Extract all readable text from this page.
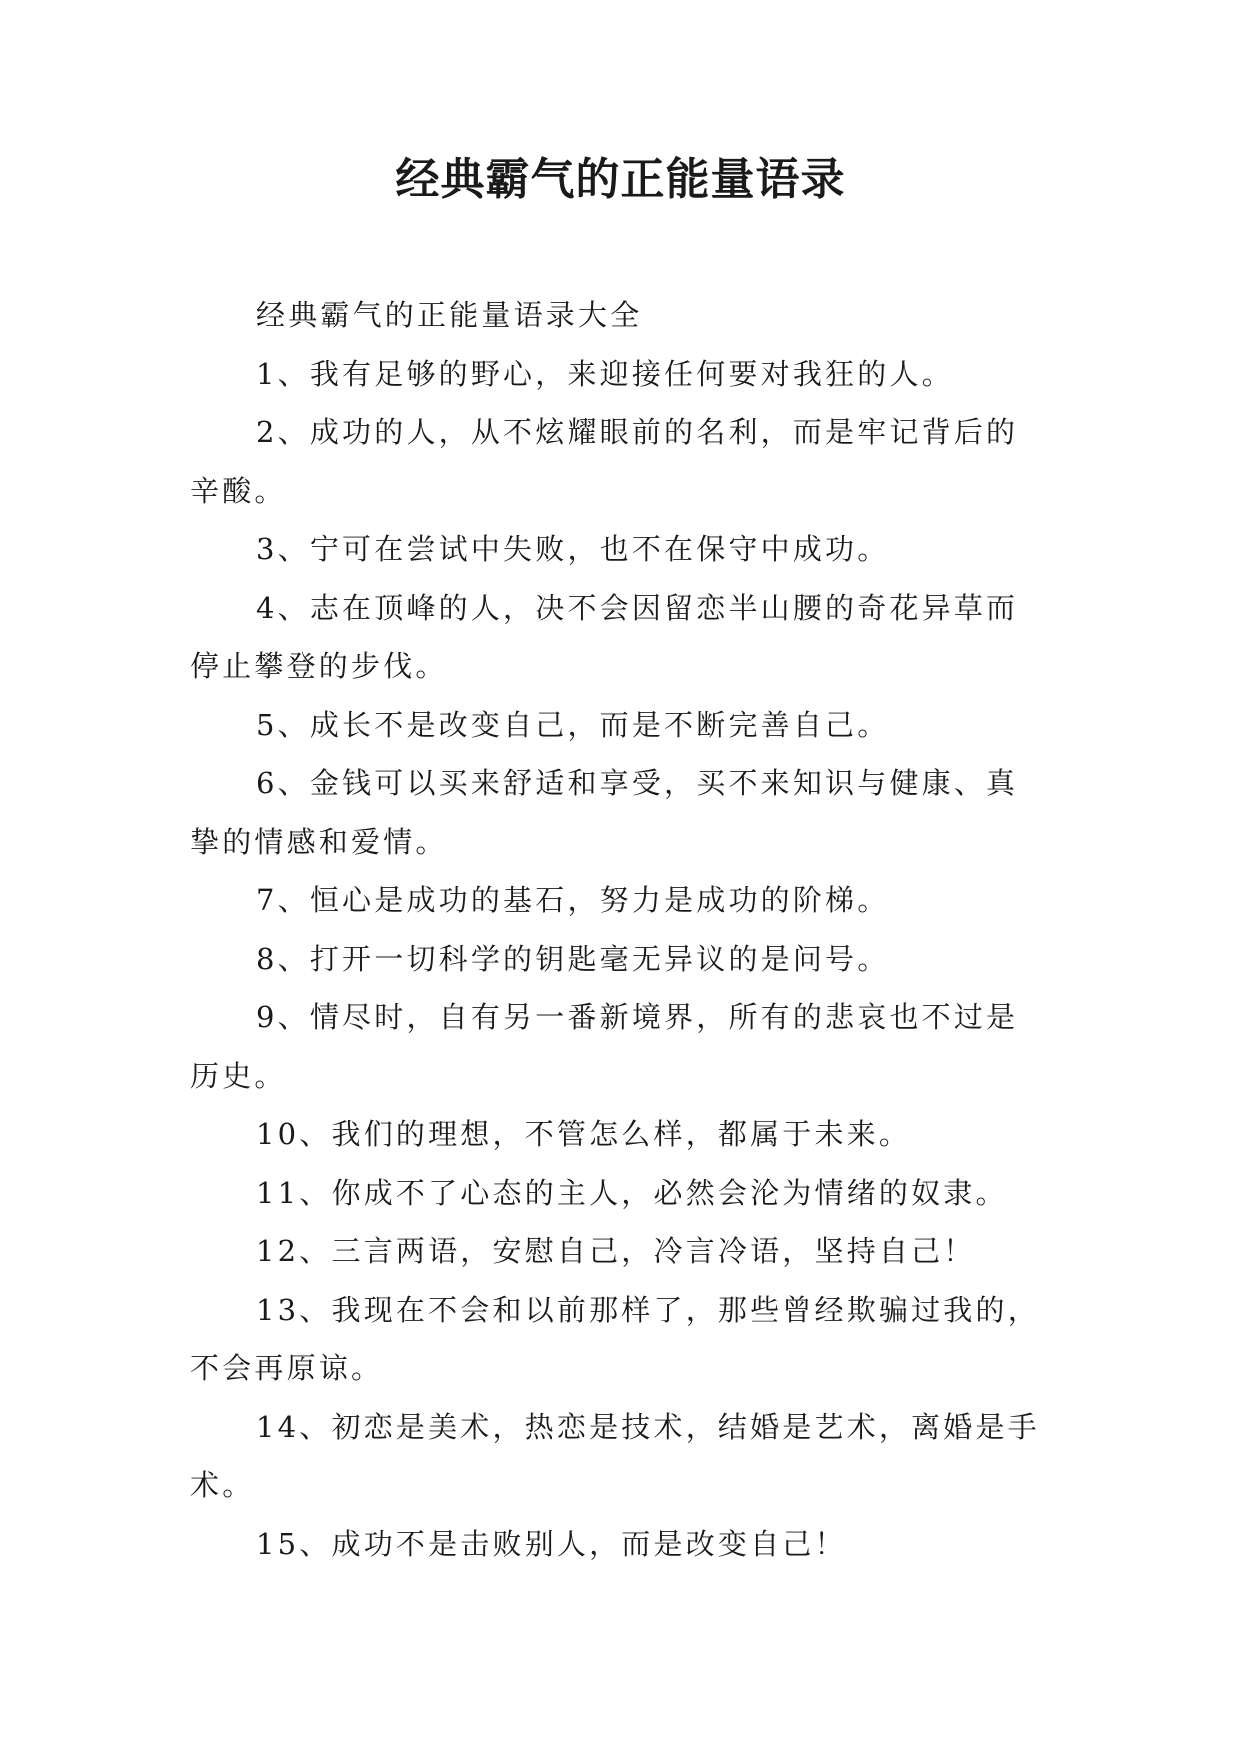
经典霸气的正能量语录

经典霸气的正能量语录大全

1、我有足够的野心，来迎接任何要对我狂的人。

2、成功的人，从不炫耀眼前的名利，而是牢记背后的辛酸。

3、宁可在尝试中失败，也不在保守中成功。

4、志在顶峰的人，决不会因留恋半山腰的奇花异草而停止攀登的步伐。

5、成长不是改变自己，而是不断完善自己。

6、金钱可以买来舒适和享受，买不来知识与健康、真挚的情感和爱情。

7、恒心是成功的基石，努力是成功的阶梯。

8、打开一切科学的钥匙毫无异议的是问号。

9、情尽时，自有另一番新境界，所有的悲哀也不过是历史。

10、我们的理想，不管怎么样，都属于未来。

11、你成不了心态的主人，必然会沦为情绪的奴隶。

12、三言两语，安慰自己，冷言冷语，坚持自己！

13、我现在不会和以前那样了，那些曾经欺骗过我的，不会再原谅。

14、初恋是美术，热恋是技术，结婚是艺术，离婚是手术。

15、成功不是击败别人，而是改变自己！
